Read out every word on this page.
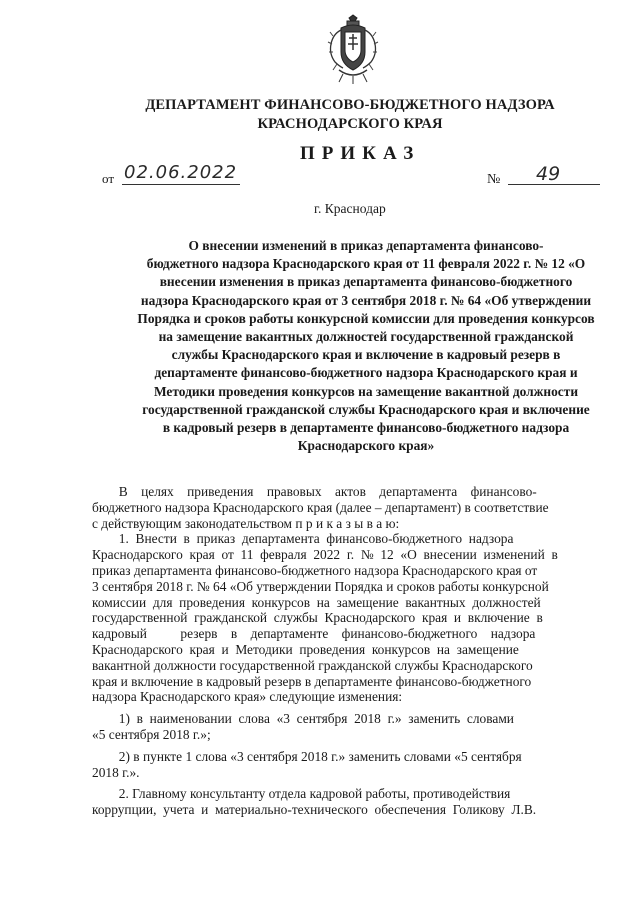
ДЕПАРТАМЕНТ ФИНАНСОВО-БЮДЖЕТНОГО НАДЗОРА
КРАСНОДАРСКОГО КРАЯ
ПРИКАЗ
от 02.06.2022	№	49
г. Краснодар
О внесении изменений в приказ департамента финансово-
бюджетного надзора Краснодарского края от 11 февраля 2022 г. № 12 «О
внесении изменения в приказ департамента финансово-бюджетного
надзора Краснодарского края от 3 сентября 2018 г. № 64 «Об утверждении
Порядка и сроков работы конкурсной комиссии для проведения конкурсов
на замещение вакантных должностей государственной гражданской
службы Краснодарского края и включение в кадровый резерв в
департаменте финансово-бюджетного надзора Краснодарского края и
Методики проведения конкурсов на замещение вакантной должности
государственной гражданской службы Краснодарского края и включение
в кадровый резерв в департаменте финансово-бюджетного надзора
Краснодарского края»
В    целях    приведения    правовых    актов    департамента    финансово-
бюджетного надзора Краснодарского края (далее – департамент) в соответствие
с действующим законодательством п р и к а з ы в а ю:
1.  Внести  в  приказ  департамента  финансово-бюджетного  надзора
Краснодарского  края  от  11  февраля  2022  г.  №  12  «О  внесении  изменений  в
приказ департамента финансово-бюджетного надзора Краснодарского края от
3 сентября 2018 г. № 64 «Об утверждении Порядка и сроков работы конкурсной
комиссии  для  проведения  конкурсов  на  замещение  вакантных  должностей
государственной  гражданской  службы  Краснодарского  края  и  включение  в
кадровый          резерв    в    департаменте    финансово-бюджетного    надзора
Краснодарского  края  и  Методики  проведения  конкурсов  на  замещение
вакантной должности государственной гражданской службы Краснодарского
края и включение в кадровый резерв в департаменте финансово-бюджетного
надзора Краснодарского края» следующие изменения:
1)  в  наименовании  слова  «3  сентября  2018  г.»  заменить  словами
«5 сентября 2018 г.»;
2) в пункте 1 слова «3 сентября 2018 г.» заменить словами «5 сентября
2018 г.».
2. Главному консультанту отдела кадровой работы, противодействия
коррупции,  учета  и  материально-технического  обеспечения  Голикову  Л.В.
